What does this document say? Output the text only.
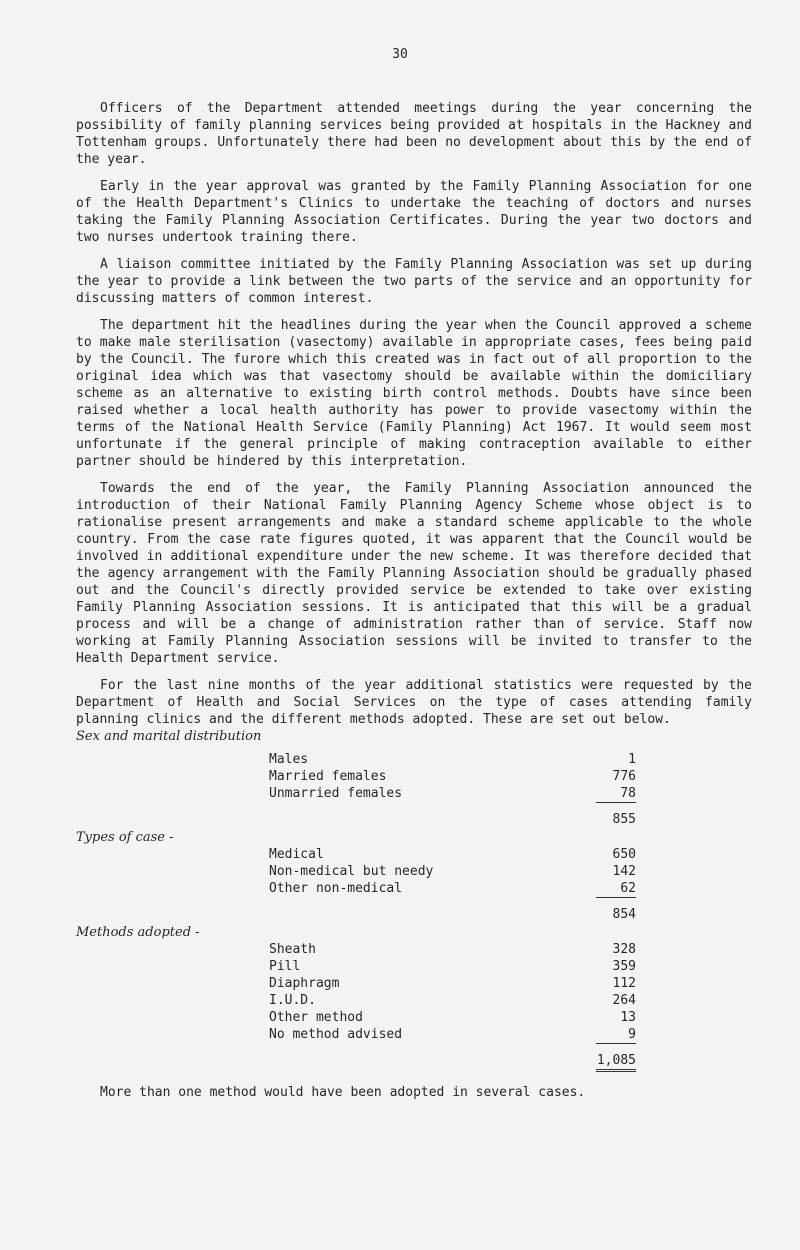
30

Officers of the Department attended meetings during the year concerning the possibility of family planning services being provided at hospitals in the Hackney and Tottenham groups. Unfortunately there had been no development about this by the end of the year.

Early in the year approval was granted by the Family Planning Association for one of the Health Department's Clinics to undertake the teaching of doctors and nurses taking the Family Planning Association Certificates. During the year two doctors and two nurses undertook training there.

A liaison committee initiated by the Family Planning Association was set up during the year to provide a link between the two parts of the service and an opportunity for discussing matters of common interest.

The department hit the headlines during the year when the Council approved a scheme to make male sterilisation (vasectomy) available in appropriate cases, fees being paid by the Council. The furore which this created was in fact out of all proportion to the original idea which was that vasectomy should be available within the domiciliary scheme as an alternative to existing birth control methods. Doubts have since been raised whether a local health authority has power to provide vasectomy within the terms of the National Health Service (Family Planning) Act 1967. It would seem most unfortunate if the general principle of making contraception available to either partner should be hindered by this interpretation.

Towards the end of the year, the Family Planning Association announced the introduction of their National Family Planning Agency Scheme whose object is to rationalise present arrangements and make a standard scheme applicable to the whole country. From the case rate figures quoted, it was apparent that the Council would be involved in additional expenditure under the new scheme. It was therefore decided that the agency arrangement with the Family Planning Association should be gradually phased out and the Council's directly provided service be extended to take over existing Family Planning Association sessions. It is anticipated that this will be a gradual process and will be a change of administration rather than of service. Staff now working at Family Planning Association sessions will be invited to transfer to the Health Department service.

For the last nine months of the year additional statistics were requested by the Department of Health and Social Services on the type of cases attending family planning clinics and the different methods adopted. These are set out below.

Sex and marital distribution

Males	1
Married females	776
Unmarried females	78
855

Types of case -

Medical	650
Non-medical but needy	142
Other non-medical	62
854

Methods adopted -

Sheath	328
Pill	359
Diaphragm	112
I.U.D.	264
Other method	13
No method advised	9
1,085

More than one method would have been adopted in several cases.
